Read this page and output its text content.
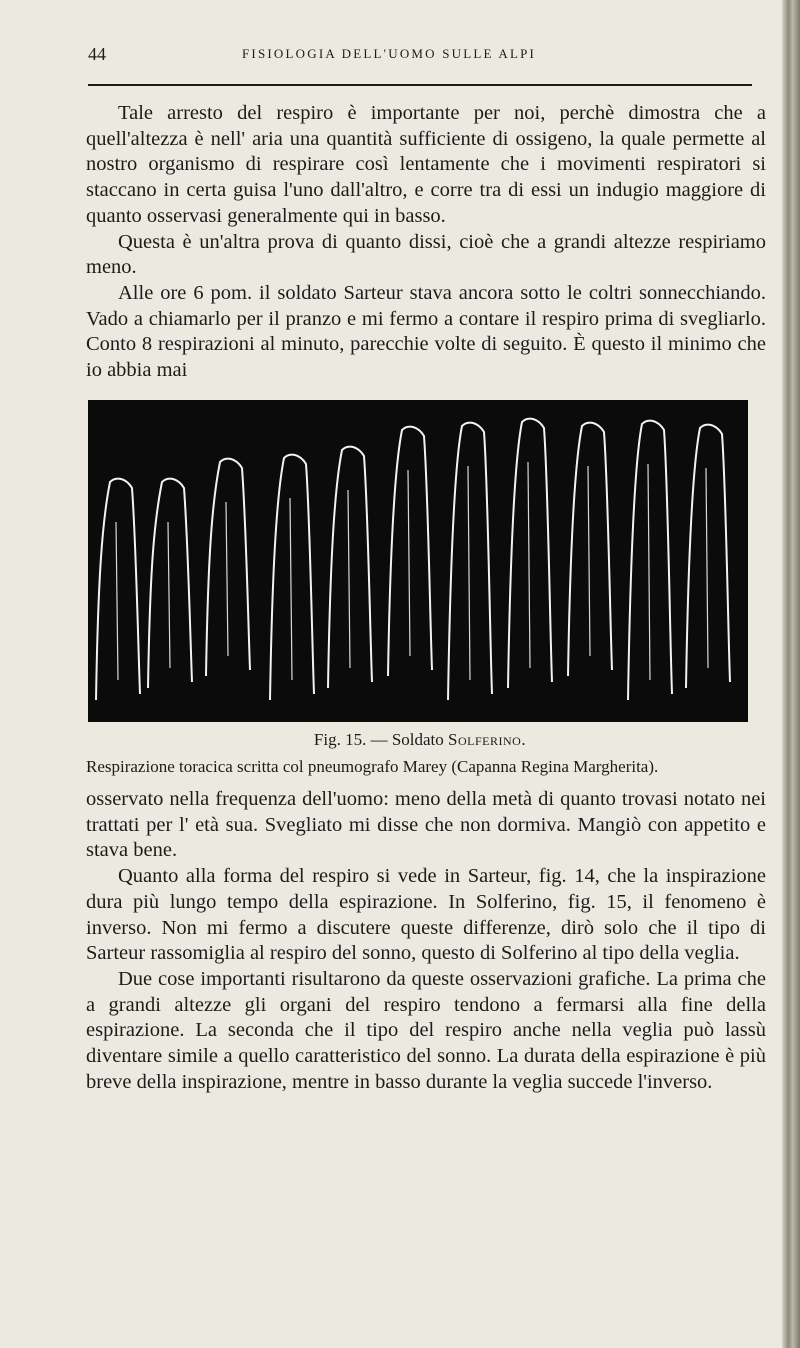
44	FISIOLOGIA DELL'UOMO SULLE ALPI

Tale arresto del respiro è importante per noi, perchè dimostra che a quell'altezza è nell' aria una quantità sufficiente di ossigeno, la quale permette al nostro organismo di respirare così lentamente che i movimenti respiratori si staccano in certa guisa l'uno dall'altro, e corre tra di essi un indugio maggiore di quanto osservasi generalmente qui in basso.

Questa è un'altra prova di quanto dissi, cioè che a grandi altezze respiriamo meno.

Alle ore 6 pom. il soldato Sarteur stava ancora sotto le coltri sonnecchiando. Vado a chiamarlo per il pranzo e mi fermo a contare il respiro prima di svegliarlo. Conto 8 respirazioni al minuto, parecchie volte di seguito. È questo il minimo che io abbia mai

Fig. 15. — Soldato Solferino.
Respirazione toracica scritta col pneumografo Marey (Capanna Regina Margherita).

osservato nella frequenza dell'uomo: meno della metà di quanto trovasi notato nei trattati per l' età sua. Svegliato mi disse che non dormiva. Mangiò con appetito e stava bene.

Quanto alla forma del respiro si vede in Sarteur, fig. 14, che la inspirazione dura più lungo tempo della espirazione. In Solferino, fig. 15, il fenomeno è inverso. Non mi fermo a discutere queste differenze, dirò solo che il tipo di Sarteur rassomiglia al respiro del sonno, questo di Solferino al tipo della veglia.

Due cose importanti risultarono da queste osservazioni grafiche. La prima che a grandi altezze gli organi del respiro tendono a fermarsi alla fine della espirazione. La seconda che il tipo del respiro anche nella veglia può lassù diventare simile a quello caratteristico del sonno. La durata della espirazione è più breve della inspirazione, mentre in basso durante la veglia succede l'inverso.
